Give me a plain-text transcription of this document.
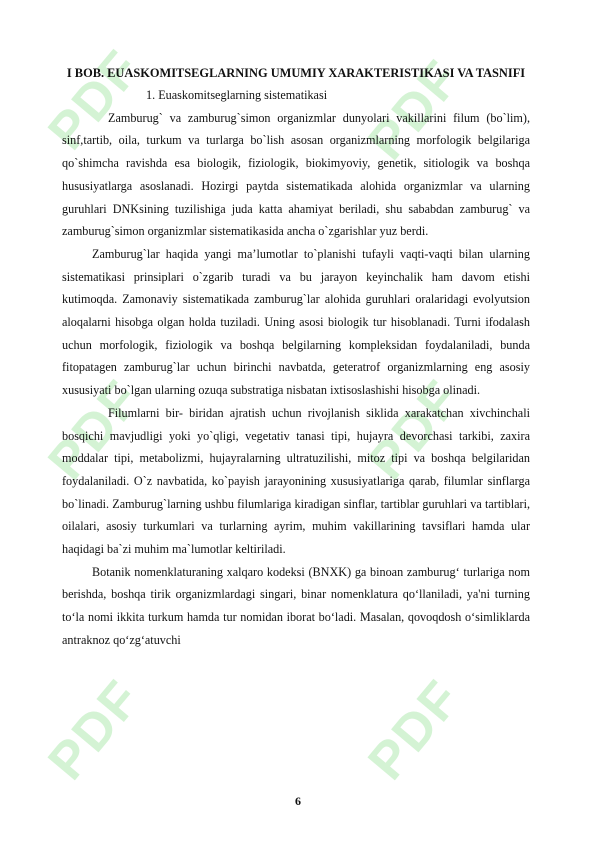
PDF	PDF
PDF	PDF
PDF	PDF
I BOB. EUASKOMITSEGLARNING UMUMIY XARAKTERISTIKASI VA TASNIFI
1. Euaskomitseglarning sistematikasi

Zamburug` va zamburug`simon organizmlar dunyolari vakillarini filum (bo`lim), sinf,tartib, oila, turkum va turlarga bo`lish asosan organizmlarning morfologik belgilariga qo`shimcha ravishda esa biologik, fiziologik, biokimyoviy, genetik, sitiologik va boshqa hususiyatlarga asoslanadi. Hozirgi paytda sistematikada alohida organizmlar va ularning guruhlari DNKsining tuzilishiga juda katta ahamiyat beriladi, shu sababdan zamburug` va zamburug`simon organizmlar sistematikasida ancha o`zgarishlar yuz berdi.

Zamburug`lar haqida yangi ma’lumotlar to`planishi tufayli vaqti-vaqti bilan ularning sistematikasi prinsiplari o`zgarib turadi va bu jarayon keyinchalik ham davom etishi kutimoqda. Zamonaviy sistematikada zamburug`lar alohida guruhlari oralaridagi evolyutsion aloqalarni hisobga olgan holda tuziladi. Uning asosi biologik tur hisoblanadi. Turni ifodalash uchun morfologik, fiziologik va boshqa belgilarning kompleksidan foydalaniladi, bunda fitopatagen zamburug`lar uchun birinchi navbatda, geteratrof organizmlarning eng asosiy xususiyati bo`lgan ularning ozuqa substratiga nisbatan ixtisoslashishi hisobga olinadi.

Filumlarni bir- biridan ajratish uchun rivojlanish siklida xarakatchan xivchinchali bosqichi mavjudligi yoki yo`qligi, vegetativ tanasi tipi, hujayra devorchasi tarkibi, zaxira moddalar tipi, metabolizmi, hujayralarning ultratuzilishi, mitoz tipi va boshqa belgilaridan foydalaniladi. O`z navbatida, ko`payish jarayonining xususiyatlariga qarab, filumlar sinflarga bo`linadi. Zamburug`larning ushbu filumlariga kiradigan sinflar, tartiblar guruhlari va tartiblari, oilalari, asosiy turkumlari va turlarning ayrim, muhim vakillarining tavsiflari hamda ular haqidagi ba`zi muhim ma`lumotlar keltiriladi.

Botanik nomenklaturaning xalqaro kodeksi (BNXK) ga binoan zamburug‘ turlariga nom berishda, boshqa tirik organizmlardagi singari, binar nomenklatura qo‘llaniladi, ya'ni turning to‘la nomi ikkita turkum hamda tur nomidan iborat bo‘ladi. Masalan, qovoqdosh o‘simliklarda antraknoz qo‘zg‘atuvchi

6
